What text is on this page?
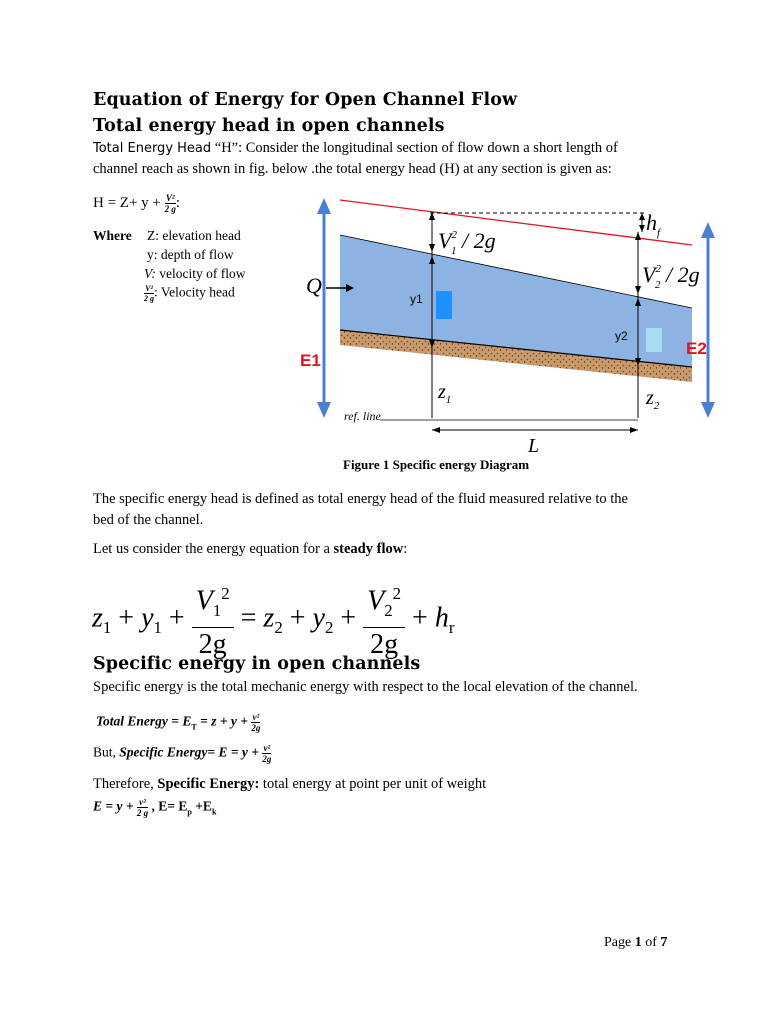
Equation of Energy for Open Channel Flow
Total energy head in open channels
Total Energy Head “H”: Consider the longitudinal section of flow down a short length of
channel reach as shown in fig. below .the total energy head (H) at any section is given as:
$H = Z+ y + \frac{\text{V²}}{2 g}$ :
Where Z: elevation head
y: depth of flow
V: velocity of flow
$\frac{\text{V²}}{2 g}$ : Velocity head
$V^2$ 1 / 2g
$V^2$ 2 / 2g
$h_f$
Q
y1
y2
E1
E2
$z_1$	$z_2$
ref. line
L
Figure 1 Specific energy Diagram
The specific energy head is defined as total energy head of the fluid measured relative to the
bed of the channel.
Let us consider the energy equation for a steady flow:
$z_1 + y_1 + \frac{V_1^2}{2g} = z_2 + y_2 + \frac{V_2^2}{2g} + h_r$
Specific energy in open channels
Specific energy is the total mechanic energy with respect to the local elevation of the channel.
Total Energy = $E_T = z + y + \frac{\text{v²}}{2g}$
But, Specific Energy= $E = y + \frac{\text{v²}}{2g}$
Therefore, Specific Energy: total energy at point per unit of weight
$E = y + \frac{\text{v²}}{2 g}$ , $E= E_p +E_k$
Page 1 of 7
